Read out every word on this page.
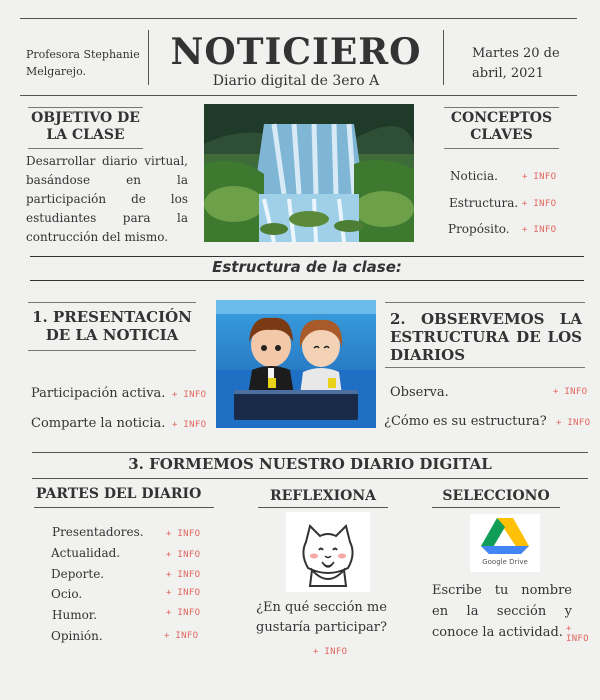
Profesora Stephanie Melgarejo.	NOTICIERO
Diario digital de 3ero A
Martes 20 de abril, 2021
OBJETIVO DE LA CLASE
Desarrollar diario virtual, basándose en la participación de los estudiantes para la contrucción del mismo.
CONCEPTOS CLAVES
Noticia.	+ INFO
Estructura. + INFO
Propósito. + INFO
Estructura de la clase:
1. PRESENTACIÓN DE LA NOTICIA
Participación activa. + INFO
Comparte la noticia. + INFO
2. OBSERVEMOS LA ESTRUCTURA DE LOS DIARIOS
Observa.	+ INFO
¿Cómo es su estructura? + INFO
3. FORMEMOS NUESTRO DIARIO DIGITAL
PARTES DEL DIARIO
Presentadores. + INFO
Actualidad.	+ INFO
Deporte.	+ INFO
Ocio.	+ INFO
Humor.	+ INFO
Opinión.	+ INFO
REFLEXIONA
¿En qué sección me gustaría participar?
+ INFO
SELECCIONO
Google Drive
Escribe tu nombre en la sección y conoce la actividad. + INFO
